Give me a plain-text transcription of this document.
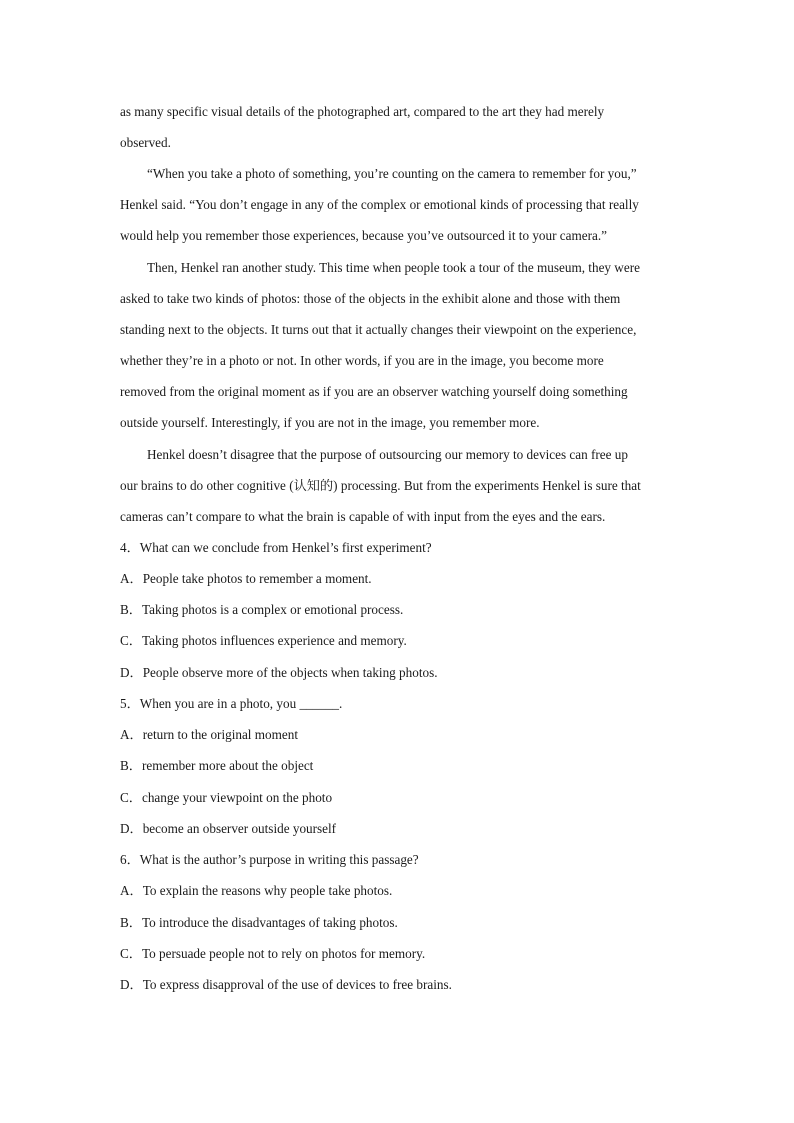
as many specific visual details of the photographed art, compared to the art they had merely
observed.
“When you take a photo of something, you’re counting on the camera to remember for you,”
Henkel said. “You don’t engage in any of the complex or emotional kinds of processing that really
would help you remember those experiences, because you’ve outsourced it to your camera.”
Then, Henkel ran another study. This time when people took a tour of the museum, they were
asked to take two kinds of photos: those of the objects in the exhibit alone and those with them
standing next to the objects. It turns out that it actually changes their viewpoint on the experience,
whether they’re in a photo or not. In other words, if you are in the image, you become more
removed from the original moment as if you are an observer watching yourself doing something
outside yourself. Interestingly, if you are not in the image, you remember more.
Henkel doesn’t disagree that the purpose of outsourcing our memory to devices can free up
our brains to do other cognitive (认知的) processing. But from the experiments Henkel is sure that
cameras can’t compare to what the brain is capable of with input from the eyes and the ears.
4．What can we conclude from Henkel’s first experiment?
A．People take photos to remember a moment.
B．Taking photos is a complex or emotional process.
C．Taking photos influences experience and memory.
D．People observe more of the objects when taking photos.
5．When you are in a photo, you ______.
A．return to the original moment
B．remember more about the object
C．change your viewpoint on the photo
D．become an observer outside yourself
6．What is the author’s purpose in writing this passage?
A．To explain the reasons why people take photos.
B．To introduce the disadvantages of taking photos.
C．To persuade people not to rely on photos for memory.
D．To express disapproval of the use of devices to free brains.
